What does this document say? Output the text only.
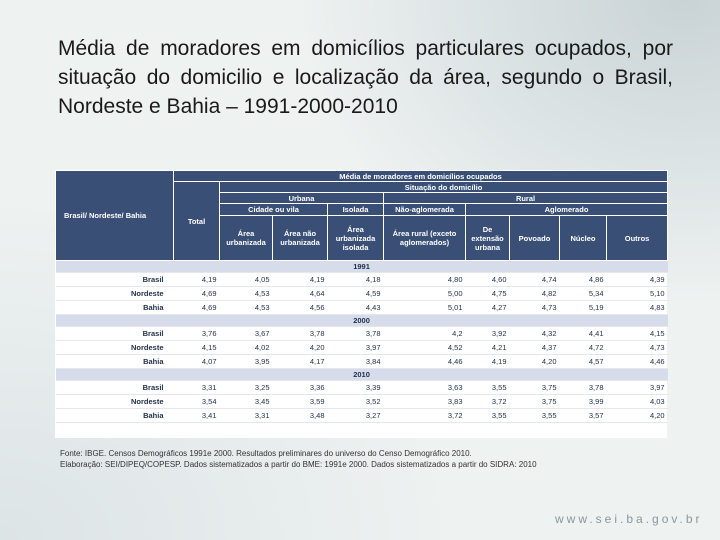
Média de moradores em domicílios particulares ocupados, por situação do domicilio e localização da área, segundo o Brasil, Nordeste e Bahia – 1991-2000-2010
Brasil/ Nordeste/ Bahia	Média de moradores em domicílios ocupados								
	Total	Situação do domicílio							
		Urbana			Rural				
		Cidade ou vila		Isolada	Não-aglomerada	Aglomerado			
		Área urbanizada	Área não urbanizada	Área urbanizada isolada	Área rural (exceto aglomerados)	De extensão urbana	Povoado	Núcleo	Outros
1991									
Brasil	4,19	4,05	4,19	4,18	4,80	4,60	4,74	4,86	4,39
Nordeste	4,69	4,53	4,64	4,59	5,00	4,75	4,82	5,34	5,10
Bahia	4,69	4,53	4,56	4,43	5,01	4,27	4,73	5,19	4,83
2000									
Brasil	3,76	3,67	3,78	3,78	4,2	3,92	4,32	4,41	4,15
Nordeste	4,15	4,02	4,20	3,97	4,52	4,21	4,37	4,72	4,73
Bahia	4,07	3,95	4,17	3,84	4,46	4,19	4,20	4,57	4,46
2010									
Brasil	3,31	3,25	3,36	3,39	3,63	3,55	3,75	3,78	3,97
Nordeste	3,54	3,45	3,59	3,52	3,83	3,72	3,75	3,99	4,03
Bahia	3,41	3,31	3,48	3,27	3,72	3,55	3,55	3,57	4,20
Fonte: IBGE. Censos Demográficos 1991e 2000. Resultados preliminares do universo do Censo Demográfico 2010.
Elaboração: SEI/DIPEQ/COPESP. Dados sistematizados a partir do BME: 1991e 2000. Dados sistematizados a partir do SIDRA: 2010
www.sei.ba.gov.br
